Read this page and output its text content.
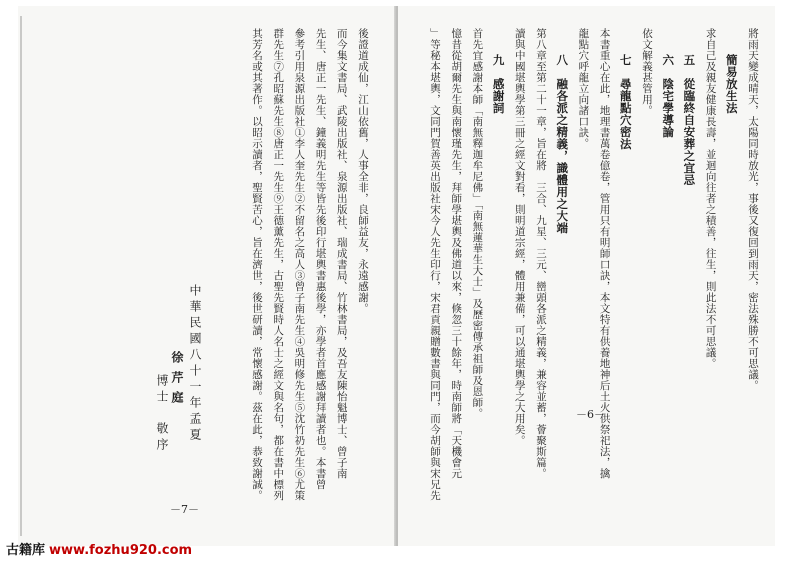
後證道成仙，江山依舊，人事全非，良師益友，永遠感謝。
而今集文書局、武陵出版社、泉源出版社、瑞成書局、竹林書局，及吾友陳怡魁博士、曾子南
先生、唐正一先生、鐘義明先生等皆先後印行堪輿書惠後學，亦學者首應感謝拜讀者也。本書曾
參考引用泉源出版社①李人奎先生②不留名之高人③曾子南先生④吳明修先生⑤沈竹礽先生⑥尤策
群先生⑦孔昭蘇先生⑧唐正一先生⑨王德薰先生，古聖先賢時人名士之經文與名句，都在書中標列
其芳名或其著作。以昭示讀者，聖賢苦心，旨在濟世，後世研讀，常懷感謝。茲在此，恭致謝誠。
中華民國八十一年孟夏
徐芹庭
博士　敬序
－7－
將雨天變成晴天，太陽同時放光，事後又復回到雨天，密法殊勝不可思議。
簡易放生法
求自己及親友健康長壽，並迴向往者之積善，往生，則此法不可思議。
五　從臨終自安葬之宜忌
六　陰宅學導論
依文解義甚管用。
七　尋龍點穴密法
本書重心在此，地理書萬卷億卷，管用只有明師口訣，本文特有供養地神后土火供祭祀法，擒
龍點穴呼龍立向諸口訣。
八　融各派之精義，識體用之大端
第八章至第二十一章，旨在將　三合、九星、三元、巒頭各派之精義，兼容並蓄，薈聚斯篇。
讀與中國堪輿學第三冊之經文對看，則明道宗經，體用兼備，可以通堪輿學之大用矣。
九　感謝詞
首先宜感謝本師「南無釋迦牟尼佛」「南無蓮華生大士」及歷密傳承祖師及恩師。
憶昔從胡爾先生與南懷瑾先生，拜師學堪輿及佛道以來，倏忽三十餘年，時南師將「天機會元
」等秘本堪輿，文同門賀善英出版社宋今人先生印行，宋君貢親贈數書與同門，而今胡師與宋兄先	－6－
古籍库 www.fozhu920.com
